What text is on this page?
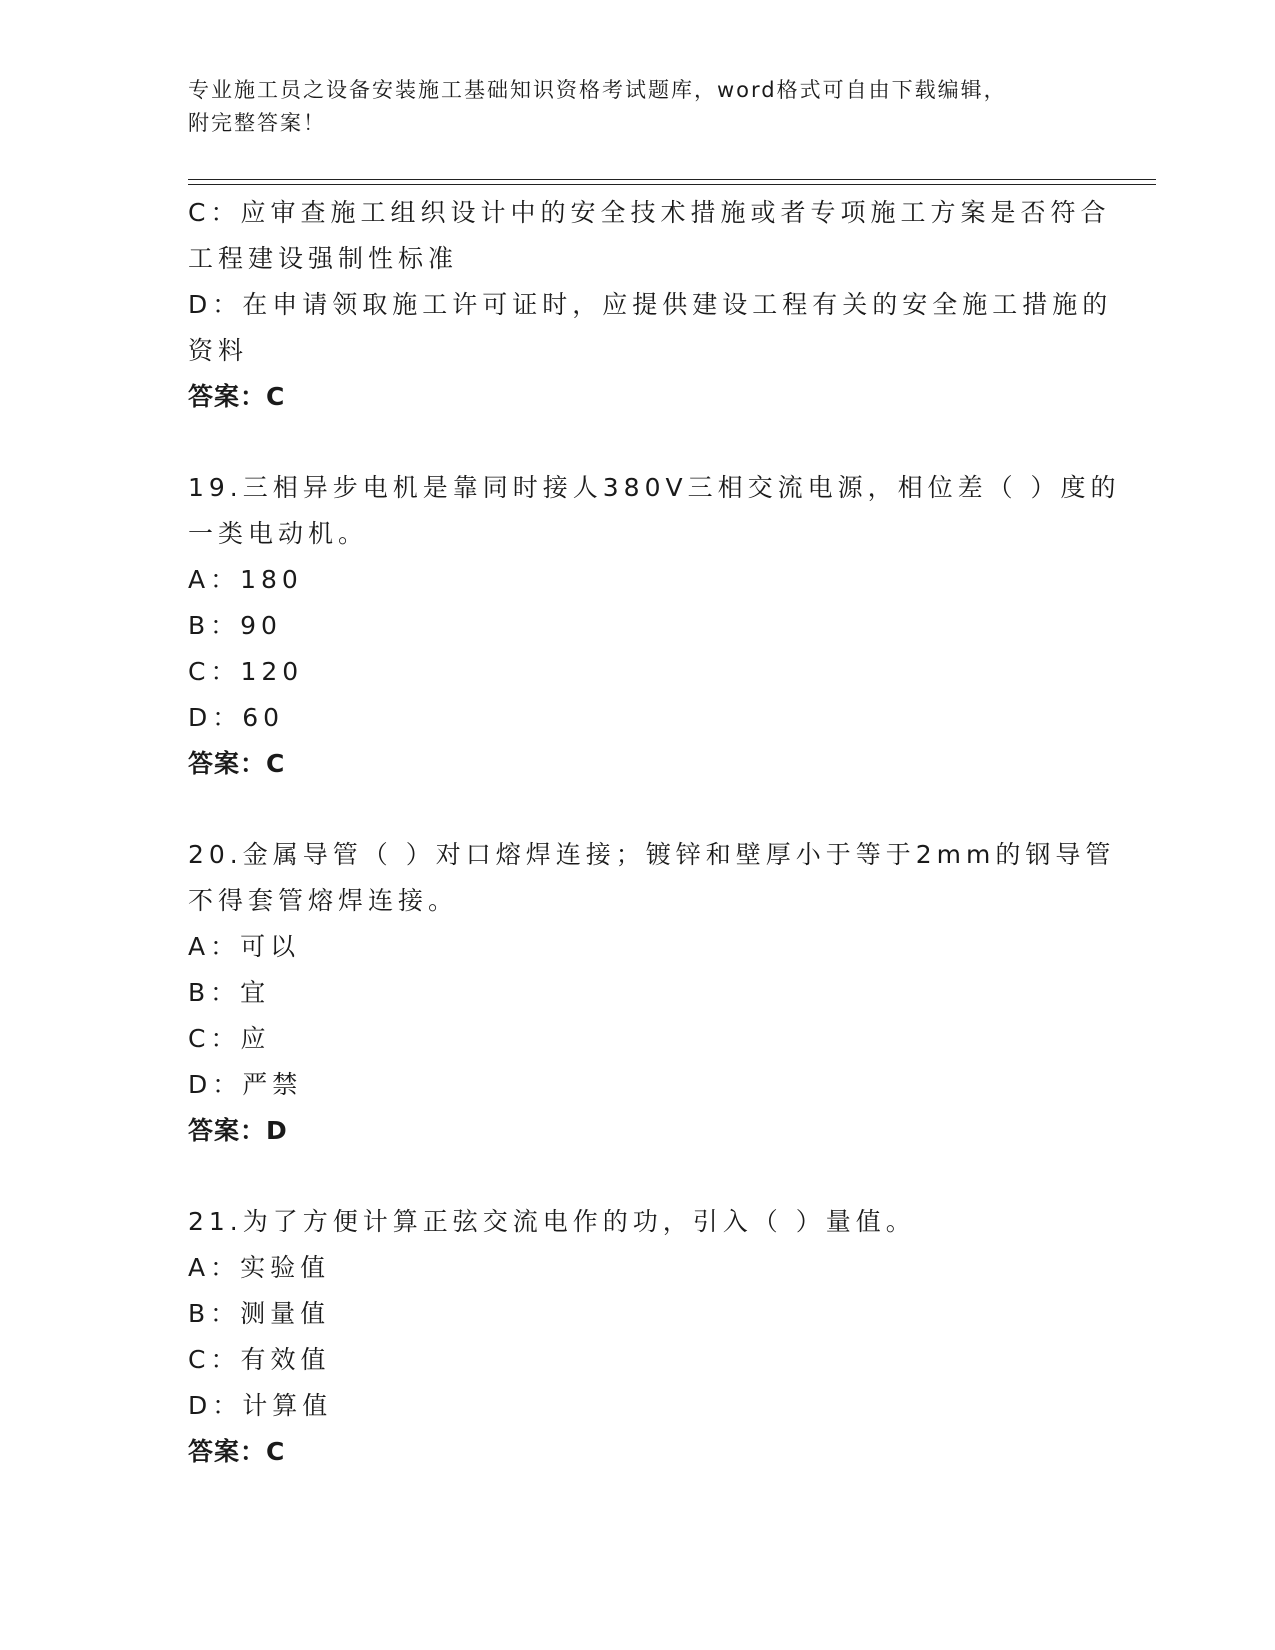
专业施工员之设备安装施工基础知识资格考试题库，word格式可自由下载编辑，
附完整答案！
C：应审查施工组织设计中的安全技术措施或者专项施工方案是否符合
工程建设强制性标准
D：在申请领取施工许可证时，应提供建设工程有关的安全施工措施的
资料
答案：C
19.三相异步电机是靠同时接人380V三相交流电源，相位差（ ）度的
一类电动机。
A：180
B：90
C：120
D：60
答案：C
20.金属导管（ ）对口熔焊连接；镀锌和壁厚小于等于2mm的钢导管
不得套管熔焊连接。
A：可以
B：宜
C：应
D：严禁
答案：D
21.为了方便计算正弦交流电作的功，引入（ ）量值。
A：实验值
B：测量值
C：有效值
D：计算值
答案：C
